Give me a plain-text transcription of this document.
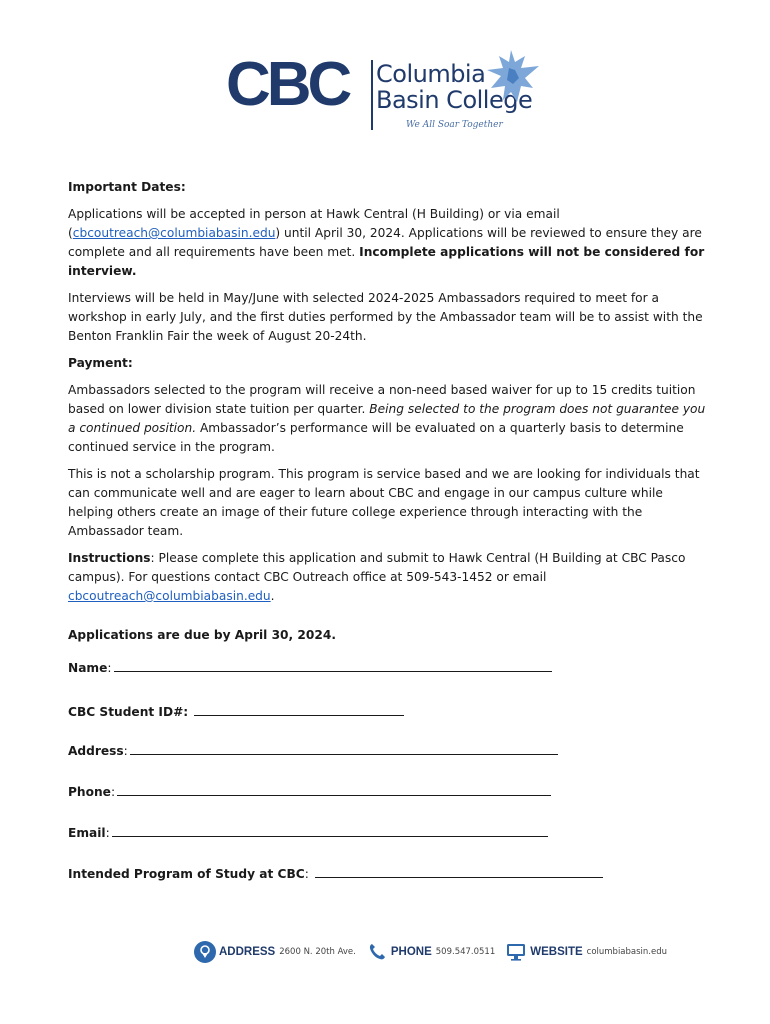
CBC Columbia
Basin College
We All Soar Together

Important Dates:

Applications will be accepted in person at Hawk Central (H Building) or via email (cbcoutreach@columbiabasin.edu) until April 30, 2024. Applications will be reviewed to ensure they are complete and all requirements have been met. Incomplete applications will not be considered for interview.

Interviews will be held in May/June with selected 2024-2025 Ambassadors required to meet for a workshop in early July, and the first duties performed by the Ambassador team will be to assist with the Benton Franklin Fair the week of August 20-24th.

Payment:

Ambassadors selected to the program will receive a non-need based waiver for up to 15 credits tuition based on lower division state tuition per quarter. Being selected to the program does not guarantee you a continued position. Ambassador’s performance will be evaluated on a quarterly basis to determine continued service in the program.

This is not a scholarship program. This program is service based and we are looking for individuals that can communicate well and are eager to learn about CBC and engage in our campus culture while helping others create an image of their future college experience through interacting with the Ambassador team.

Instructions: Please complete this application and submit to Hawk Central (H Building at CBC Pasco campus). For questions contact CBC Outreach office at 509-543-1452 or email cbcoutreach@columbiabasin.edu.

Applications are due by April 30, 2024.

Name:
CBC Student ID#:
Address:
Phone:
Email:
Intended Program of Study at CBC:
ADDRESS 2600 N. 20th Ave.	PHONE 509.547.0511	WEBSITE columbiabasin.edu
